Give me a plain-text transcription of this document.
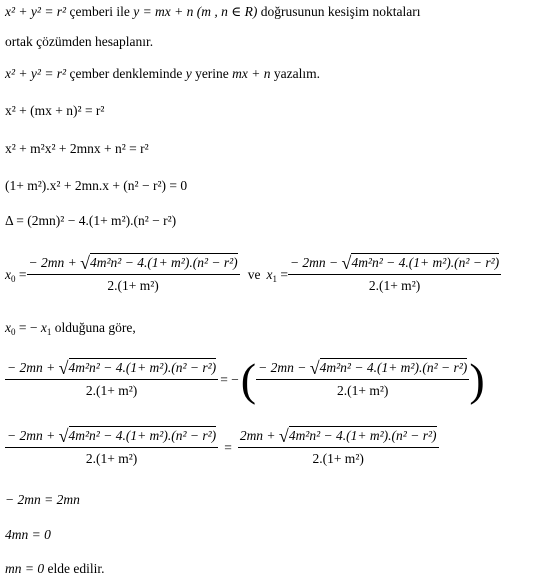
x² + y² = r² çemberi ile y = mx + n (m , n ∈ R) doğrusunun kesişim noktaları
ortak çözümden hesaplanır.
x² + y² = r² çember denkleminde y yerine mx + n yazalım.
x² + (mx + n)² = r²
x² + m²x² + 2mnx + n² = r²
(1+ m²).x² + 2mn.x + (n² − r²) = 0
Δ = (2mn)² − 4.(1+ m²).(n² − r²)
$x_0 = \frac{\text{− 2mn + √4m²n² − 4.(1+ m²).(n² − r²)}}{\text{2.(1+ m²)}}$ ve $x_1 = \frac{\text{− 2mn − √4m²n² − 4.(1+ m²).(n² − r²)}}{\text{2.(1+ m²)}}$
$x_0$ = − $x_1$ olduğuna göre,
$\frac{\text{− 2mn + √4m²n² − 4.(1+ m²).(n² − r²)}}{\text{2.(1+ m²)}}$ = − ( $\frac{\text{− 2mn − √4m²n² − 4.(1+ m²).(n² − r²)}}{\text{2.(1+ m²)}}$ )
$\frac{\text{− 2mn + √4m²n² − 4.(1+ m²).(n² − r²)}}{\text{2.(1+ m²)}} = \frac{\text{2mn + √4m²n² − 4.(1+ m²).(n² − r²)}}{\text{2.(1+ m²)}}$
− 2mn = 2mn
4mn = 0
mn = 0 elde edilir.
